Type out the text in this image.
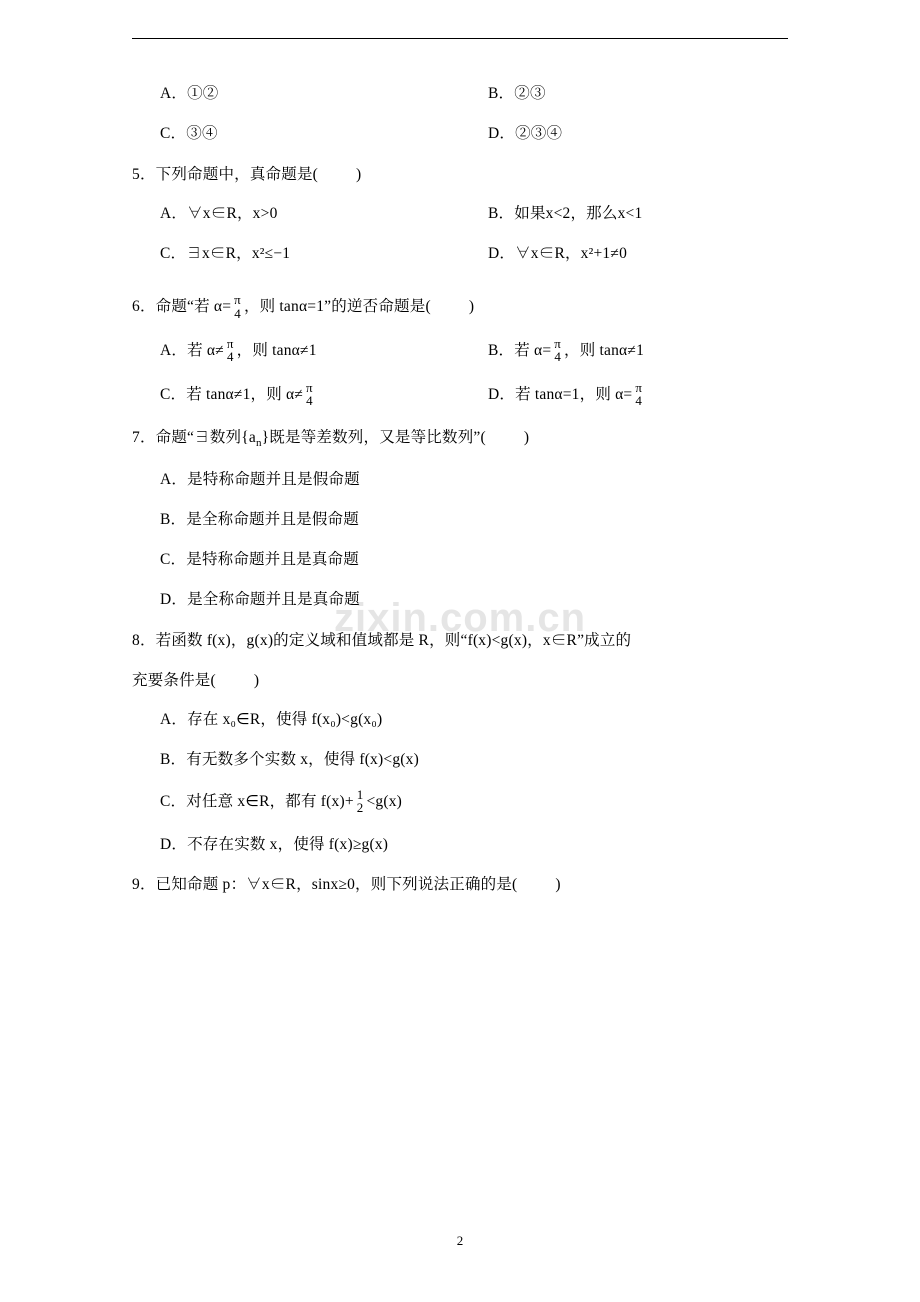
zixin.com.cn

A．①②	B．②③

C．③④	D．②③④

5．下列命题中，真命题是( )

A．∀x∈R，x>0	B．如果x<2，那么x<1

C．∃x∈R，x²≤−1	D．∀x∈R，x²+1≠0

6．命题“若 α= π
4 ，则 tanα=1”的逆否命题是( )

A．若 α≠ π
4 ，则 tanα≠1	B．若 α= π
4 ，则 tanα≠1

C．若 tanα≠1，则 α≠ π
4	D．若 tanα=1，则 α= π
4

7．命题“∃数列$\{a_n\}$既是等差数列，又是等比数列”( )

A．是特称命题并且是假命题

B．是全称命题并且是假命题

C．是特称命题并且是真命题

D．是全称命题并且是真命题

8．若函数 f(x)，g(x)的定义域和值域都是 R，则“f(x)<g(x)，x∈R”成立的

充要条件是( )

A．存在 x₀∈R，使得 f(x₀)<g(x₀)

B．有无数多个实数 x，使得 f(x)<g(x)

C．对任意 x∈R，都有 f(x)+ 1
2 <g(x)

D．不存在实数 x，使得 f(x)≥g(x)

9．已知命题 p：∀x∈R，sinx≥0，则下列说法正确的是( )

2
